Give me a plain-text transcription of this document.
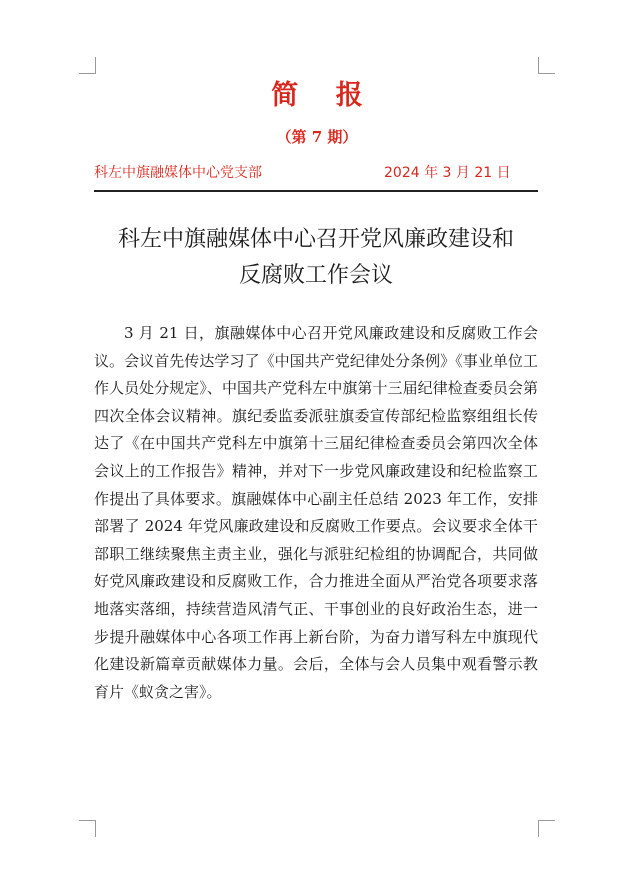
简 报
（第 7 期）
科左中旗融媒体中心党支部	2024 年 3 月 21 日
科左中旗融媒体中心召开党风廉政建设和
反腐败工作会议

3 月 21 日，旗融媒体中心召开党风廉政建设和反腐败工作会议。会议首先传达学习了《中国共产党纪律处分条例》《事业单位工作人员处分规定》、中国共产党科左中旗第十三届纪律检查委员会第四次全体会议精神。旗纪委监委派驻旗委宣传部纪检监察组组长传达了《在中国共产党科左中旗第十三届纪律检查委员会第四次全体会议上的工作报告》精神，并对下一步党风廉政建设和纪检监察工作提出了具体要求。旗融媒体中心副主任总结 2023 年工作，安排部署了 2024 年党风廉政建设和反腐败工作要点。会议要求全体干部职工继续聚焦主责主业，强化与派驻纪检组的协调配合，共同做好党风廉政建设和反腐败工作，合力推进全面从严治党各项要求落地落实落细，持续营造风清气正、干事创业的良好政治生态，进一步提升融媒体中心各项工作再上新台阶，为奋力谱写科左中旗现代化建设新篇章贡献媒体力量。会后，全体与会人员集中观看警示教育片《蚁贪之害》。
